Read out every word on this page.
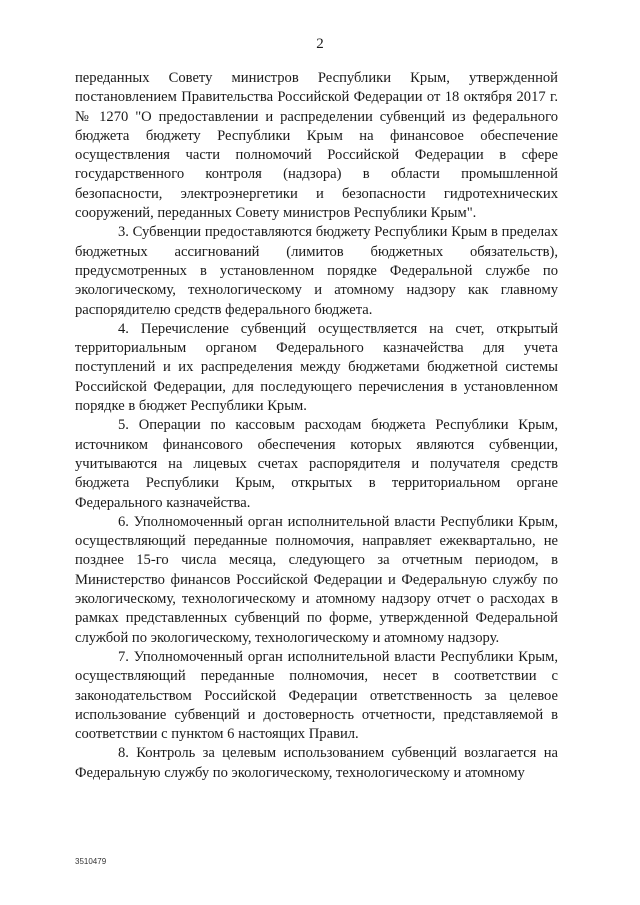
2

переданных Совету министров Республики Крым, утвержденной постановлением Правительства Российской Федерации от 18 октября 2017 г. № 1270 "О предоставлении и распределении субвенций из федерального бюджета бюджету Республики Крым на финансовое обеспечение осуществления части полномочий Российской Федерации в сфере государственного контроля (надзора) в области промышленной безопасности, электроэнергетики и безопасности гидротехнических сооружений, переданных Совету министров Республики Крым".

3. Субвенции предоставляются бюджету Республики Крым в пределах бюджетных ассигнований (лимитов бюджетных обязательств), предусмотренных в установленном порядке Федеральной службе по экологическому, технологическому и атомному надзору как главному распорядителю средств федерального бюджета.

4. Перечисление субвенций осуществляется на счет, открытый территориальным органом Федерального казначейства для учета поступлений и их распределения между бюджетами бюджетной системы Российской Федерации, для последующего перечисления в установленном порядке в бюджет Республики Крым.

5. Операции по кассовым расходам бюджета Республики Крым, источником финансового обеспечения которых являются субвенции, учитываются на лицевых счетах распорядителя и получателя средств бюджета Республики Крым, открытых в территориальном органе Федерального казначейства.

6. Уполномоченный орган исполнительной власти Республики Крым, осуществляющий переданные полномочия, направляет ежеквартально, не позднее 15-го числа месяца, следующего за отчетным периодом, в Министерство финансов Российской Федерации и Федеральную службу по экологическому, технологическому и атомному надзору отчет о расходах в рамках представленных субвенций по форме, утвержденной Федеральной службой по экологическому, технологическому и атомному надзору.

7. Уполномоченный орган исполнительной власти Республики Крым, осуществляющий переданные полномочия, несет в соответствии с законодательством Российской Федерации ответственность за целевое использование субвенций и достоверность отчетности, представляемой в соответствии с пунктом 6 настоящих Правил.

8. Контроль за целевым использованием субвенций возлагается на Федеральную службу по экологическому, технологическому и атомному

3510479
